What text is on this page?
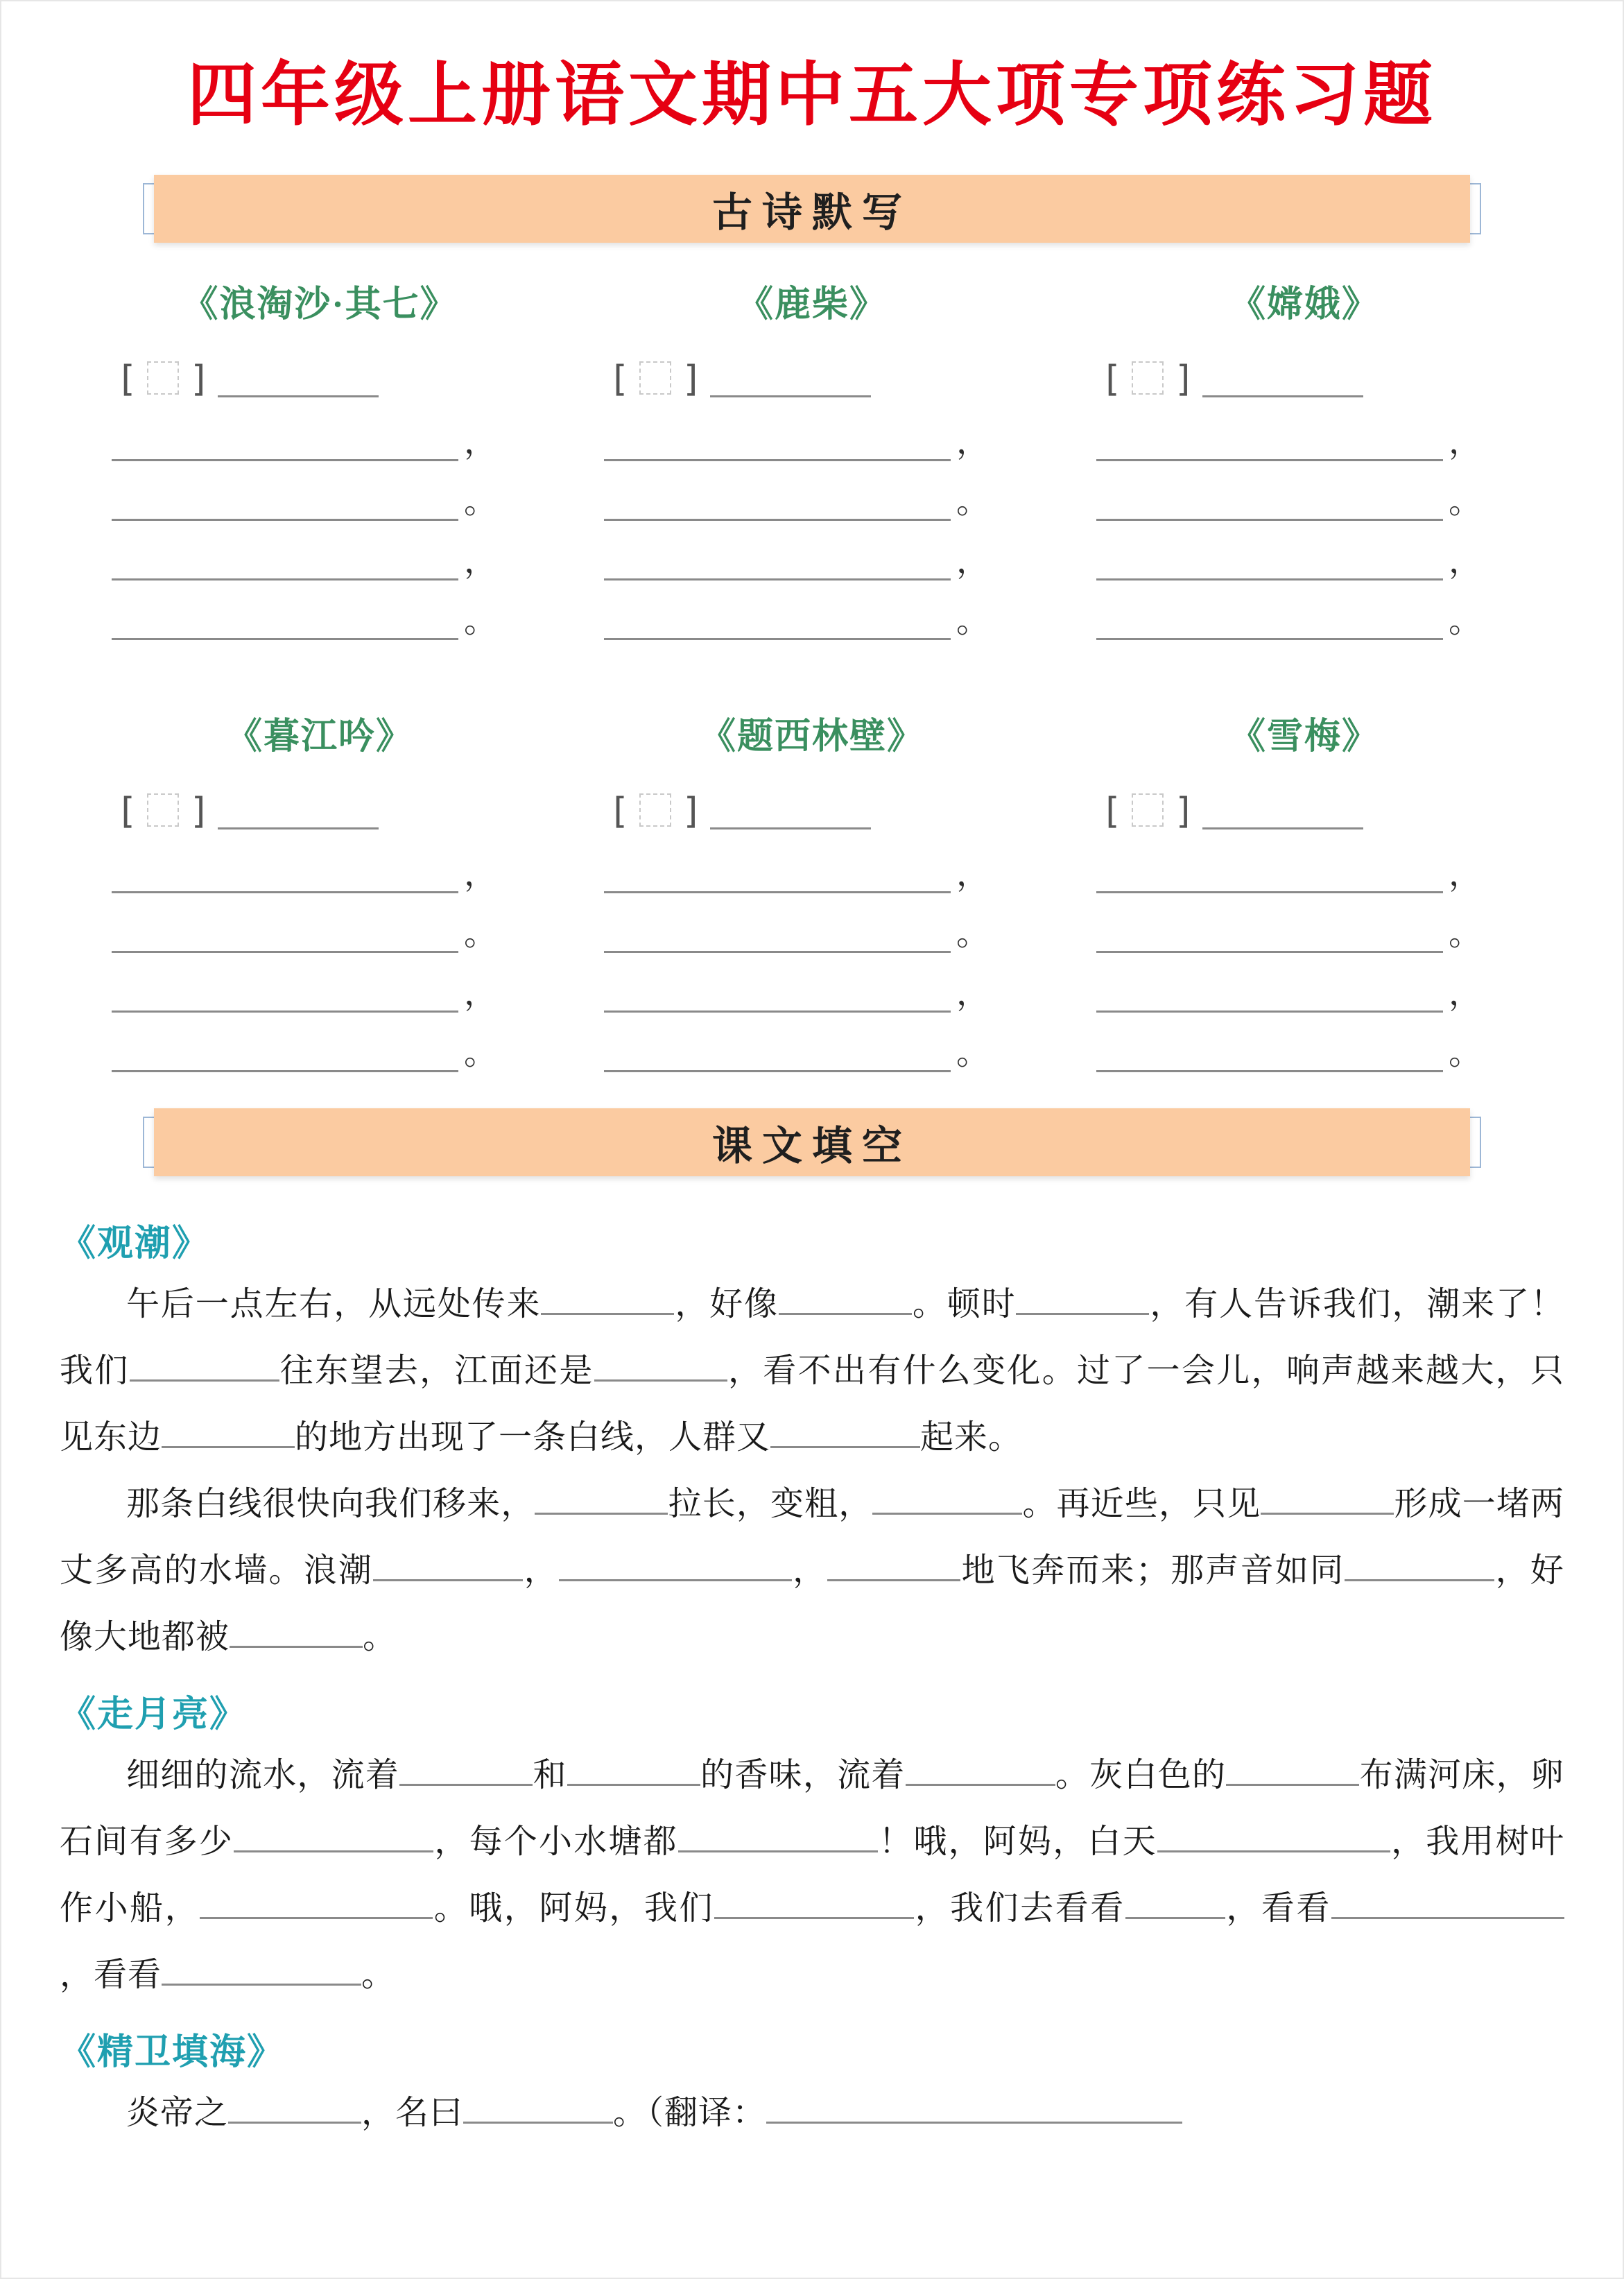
四年级上册语文期中五大项专项练习题
古诗默写
《浪淘沙·其七》
[ ]
，
。
，
。
《鹿柴》
[ ]
，
。
，
。
《嫦娥》
[ ]
，
。
，
。
《暮江吟》
[ ]
，
。
，
。
《题西林壁》
[ ]
，
。
，
。
《雪梅》
[ ]
，
。
，
。
课文填空
《观潮》

午后一点左右，从远处传来	，好像	。顿时	，有人告诉我们，潮来了！我们	往东望去，江面还是	，看不出有什么变化。过了一会儿，响声越来越大，只见东边	的地方出现了一条白线，人群又	起来。

那条白线很快向我们移来，	拉长，变粗，	。再近些，只见	形成一堵两丈多高的水墙。浪潮	，	，	地飞奔而来；那声音如同	，好像大地都被	。

《走月亮》

细细的流水，流着	和	的香味，流着	。灰白色的	布满河床，卵石间有多少	，每个小水塘都	！哦，阿妈，白天	，我用树叶作小船，	。哦，阿妈，我们	，我们去看看	，看看，看看	。

《精卫填海》

炎帝之	，名曰	。（翻译：
